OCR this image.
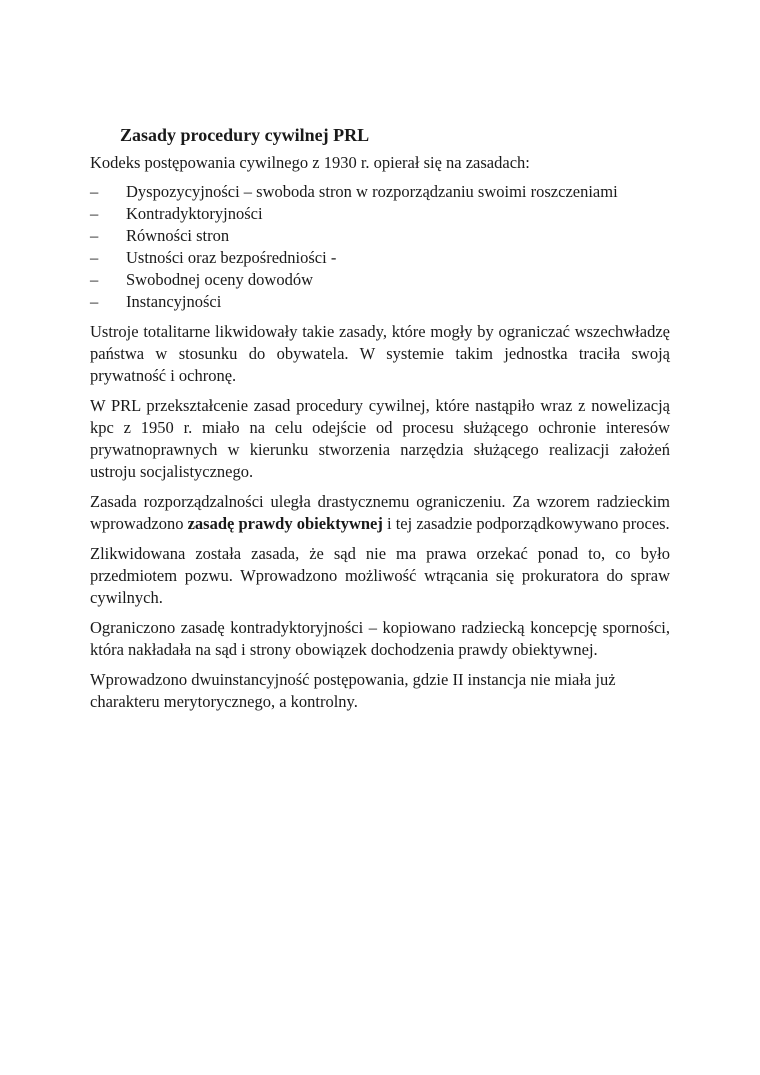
Zasady procedury cywilnej PRL

Kodeks postępowania cywilnego z 1930 r. opierał się na zasadach:

–	Dyspozycyjności – swoboda stron w rozporządzaniu swoimi roszczeniami
–	Kontradyktoryjności
–	Równości stron
–	Ustności oraz bezpośredniości -
–	Swobodnej oceny dowodów
–	Instancyjności

Ustroje totalitarne likwidowały takie zasady, które mogły by ograniczać wszechwładzę państwa w stosunku do obywatela. W systemie takim jednostka traciła swoją prywatność i ochronę.

W PRL przekształcenie zasad procedury cywilnej, które nastąpiło wraz z nowelizacją kpc z 1950 r. miało na celu odejście od procesu służącego ochronie interesów prywatnoprawnych w kierunku stworzenia narzędzia służącego realizacji założeń ustroju socjalistycznego.

Zasada rozporządzalności uległa drastycznemu ograniczeniu. Za wzorem radzieckim wprowadzono zasadę prawdy obiektywnej i tej zasadzie podporządkowywano proces.

Zlikwidowana została zasada, że sąd nie ma prawa orzekać ponad to, co było przedmiotem pozwu. Wprowadzono możliwość wtrącania się prokuratora do spraw cywilnych.

Ograniczono zasadę kontradyktoryjności – kopiowano radziecką koncepcję sporności, która nakładała na sąd i strony obowiązek dochodzenia prawdy obiektywnej.

Wprowadzono dwuinstancyjność postępowania, gdzie II instancja nie miała już charakteru merytorycznego, a kontrolny.
